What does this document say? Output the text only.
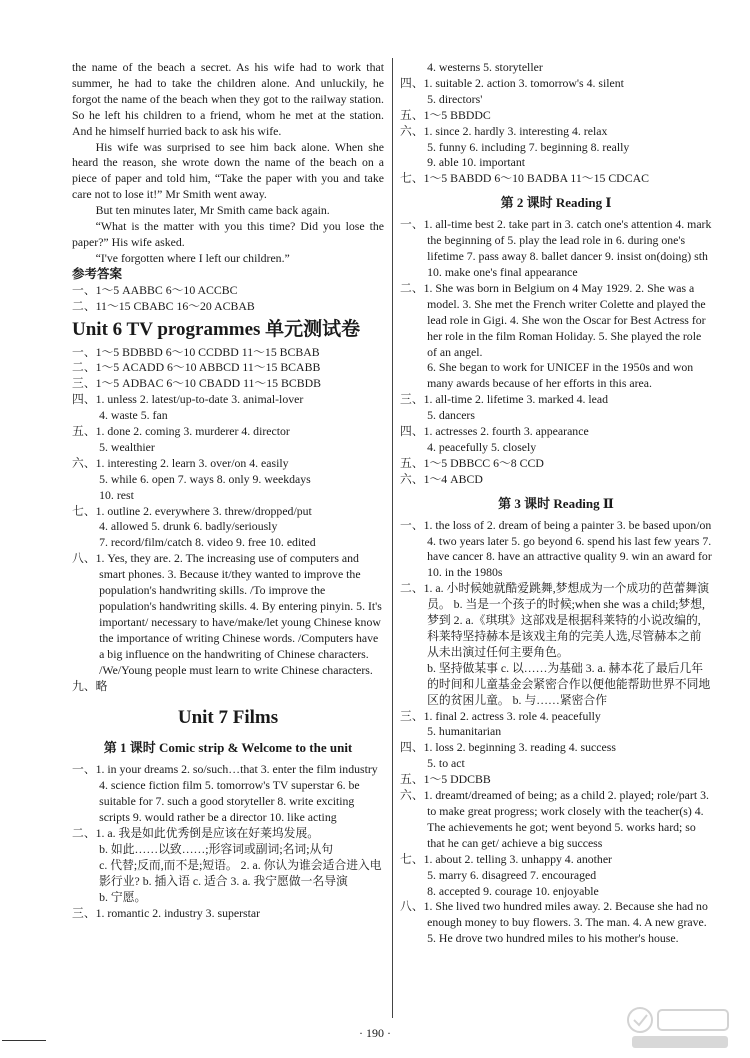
the name of the beach a secret. As his wife had to work that summer, he had to take the children alone. And unluckily, he forgot the name of the beach when they got to the railway station. So he left his children to a friend, whom he met at the station. And he himself hurried back to ask his wife.

His wife was surprised to see him back alone. When she heard the reason, she wrote down the name of the beach on a piece of paper and told him, “Take the paper with you and take care not to lose it!” Mr Smith went away.

But ten minutes later, Mr Smith came back again.

“What is the matter with you this time? Did you lose the paper?” His wife asked.

“I've forgotten where I left our children.”

参考答案

一、1～5 AABBC 6～10 ACCBC

二、11～15 CBABC 16～20 ACBAB

Unit 6 TV programmes 单元测试卷

一、1～5 BDBBD 6～10 CCDBD 11～15 BCBAB

二、1～5 ACADD 6～10 ABBCD 11～15 BCABB

三、1～5 ADBAC 6～10 CBADD 11～15 BCBDB

四、1. unless 2. latest/up-to-date 3. animal-lover

4. waste 5. fan

五、1. done 2. coming 3. murderer 4. director

5. wealthier

六、1. interesting 2. learn 3. over/on 4. easily

5. while 6. open 7. ways 8. only 9. weekdays

10. rest

七、1. outline 2. everywhere 3. threw/dropped/put

4. allowed 5. drunk 6. badly/seriously

7. record/film/catch 8. video 9. free 10. edited

八、1. Yes, they are. 2. The increasing use of computers and smart phones. 3. Because it/they wanted to improve the population's handwriting skills. /To improve the population's handwriting skills. 4. By entering pinyin. 5. It's important/ necessary to have/make/let young Chinese know the importance of writing Chinese words. /Computers have a big influence on the handwriting of Chinese characters. /We/Young people must learn to write Chinese characters.

九、略

Unit 7 Films
第 1 课时 Comic strip & Welcome to the unit

一、1. in your dreams 2. so/such…that 3. enter the film industry 4. science fiction film 5. tomorrow's TV superstar 6. be suitable for 7. such a good storyteller 8. write exciting scripts 9. would rather be a director 10. like acting

二、1. a. 我是如此优秀倒是应该在好莱坞发展。

b. 如此……以致……;形容词或副词;名词;从句

c. 代替;反而,而不是;短语。 2. a. 你认为谁会适合进入电影行业? b. 插入语 c. 适合 3. a. 我宁愿做一名导演

b. 宁愿。

三、1. romantic 2. industry 3. superstar

4. westerns 5. storyteller

四、1. suitable 2. action 3. tomorrow's 4. silent

5. directors'

五、1～5 BBDDC

六、1. since 2. hardly 3. interesting 4. relax

5. funny 6. including 7. beginning 8. really

9. able 10. important

七、1～5 BABDD 6～10 BADBA 11～15 CDCAC

第 2 课时 Reading Ⅰ

一、1. all-time best 2. take part in 3. catch one's attention 4. mark the beginning of 5. play the lead role in 6. during one's lifetime 7. pass away 8. ballet dancer 9. insist on(doing) sth 10. make one's final appearance

二、1. She was born in Belgium on 4 May 1929. 2. She was a model. 3. She met the French writer Colette and played the lead role in Gigi. 4. She won the Oscar for Best Actress for her role in the film Roman Holiday. 5. She played the role of an angel.

6. She began to work for UNICEF in the 1950s and won many awards because of her efforts in this area.

三、1. all-time 2. lifetime 3. marked 4. lead

5. dancers

四、1. actresses 2. fourth 3. appearance

4. peacefully 5. closely

五、1～5 DBBCC 6～8 CCD

六、1～4 ABCD

第 3 课时 Reading Ⅱ

一、1. the loss of 2. dream of being a painter 3. be based upon/on 4. two years later 5. go beyond 6. spend his last few years 7. have cancer 8. have an attractive quality 9. win an award for 10. in the 1980s

二、1. a. 小时候她就酷爱跳舞,梦想成为一个成功的芭蕾舞演员。 b. 当是一个孩子的时候;when she was a child;梦想,梦到 2. a.《琪琪》这部戏是根据科莱特的小说改编的,科莱特坚持赫本是该戏主角的完美人选,尽管赫本之前从未出演过任何主要角色。

b. 坚持做某事 c. 以……为基础 3. a. 赫本花了最后几年的时间和儿童基金会紧密合作以便他能帮助世界不同地区的贫困儿童。 b. 与……紧密合作

三、1. final 2. actress 3. role 4. peacefully

5. humanitarian

四、1. loss 2. beginning 3. reading 4. success

5. to act

五、1～5 DDCBB

六、1. dreamt/dreamed of being; as a child 2. played; role/part 3. to make great progress; work closely with the teacher(s) 4. The achievements he got; went beyond 5. works hard; so that he can get/ achieve a big success

七、1. about 2. telling 3. unhappy 4. another

5. marry 6. disagreed 7. encouraged

8. accepted 9. courage 10. enjoyable

八、1. She lived two hundred miles away. 2. Because she had no enough money to buy flowers. 3. The man. 4. A new grave. 5. He drove two hundred miles to his mother's house.

· 190 ·
